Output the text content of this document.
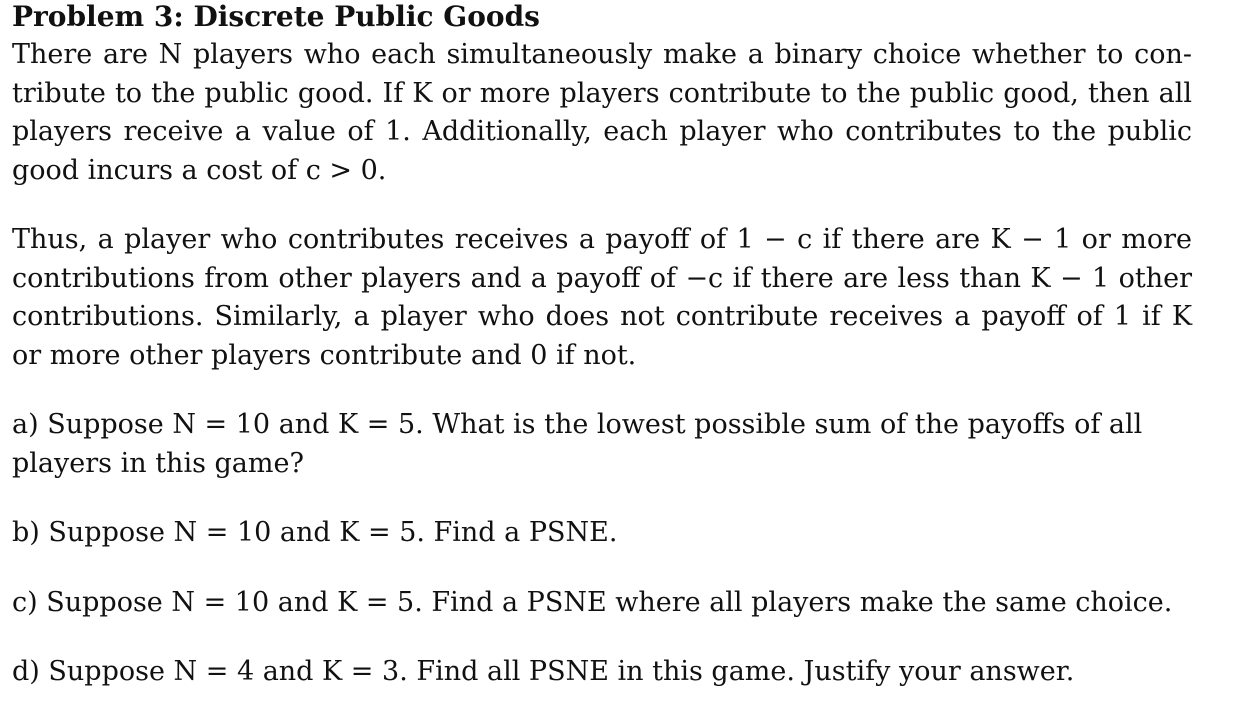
Problem 3: Discrete Public Goods

There are N players who each simultaneously make a binary choice whether to con-tribute to the public good. If K or more players contribute to the public good, then all players receive a value of 1. Additionally, each player who contributes to the public good incurs a cost of c > 0.

Thus, a player who contributes receives a payoff of 1 − c if there are K − 1 or more contributions from other players and a payoff of −c if there are less than K − 1 other contributions. Similarly, a player who does not contribute receives a payoff of 1 if K or more other players contribute and 0 if not.

a) Suppose N = 10 and K = 5. What is the lowest possible sum of the payoffs of all players in this game?

b) Suppose N = 10 and K = 5. Find a PSNE.

c) Suppose N = 10 and K = 5. Find a PSNE where all players make the same choice.

d) Suppose N = 4 and K = 3. Find all PSNE in this game. Justify your answer.
